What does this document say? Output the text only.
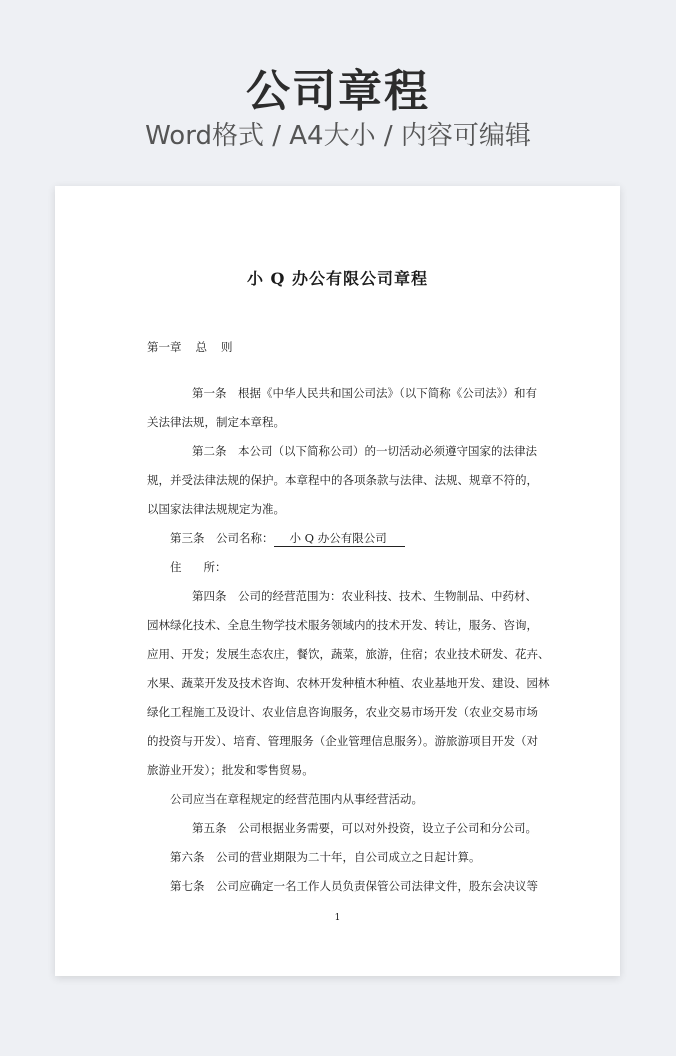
公司章程
Word格式 / A4大小 / 内容可编辑
小 Q 办公有限公司章程
第一章 总 则
第一条　根据《中华人民共和国公司法》（以下简称《公司法》）和有
关法律法规，制定本章程。
第二条　本公司（以下简称公司）的一切活动必须遵守国家的法律法
规，并受法律法规的保护。本章程中的各项条款与法律、法规、规章不符的，
以国家法律法规规定为准。
第三条　公司名称： 小 Q 办公有限公司
住 所：
第四条　公司的经营范围为：农业科技、技术、生物制品、中药材、
园林绿化技术、全息生物学技术服务领域内的技术开发、转让，服务、咨询，
应用、开发；发展生态农庄，餐饮，蔬菜，旅游，住宿；农业技术研发、花卉、
水果、蔬菜开发及技术咨询、农林开发种植木种植、农业基地开发、建设、园林
绿化工程施工及设计、农业信息咨询服务，农业交易市场开发（农业交易市场
的投资与开发）、培育、管理服务（企业管理信息服务）。游旅游项目开发（对
旅游业开发）；批发和零售贸易。
公司应当在章程规定的经营范围内从事经营活动。
第五条　公司根据业务需要，可以对外投资，设立子公司和分公司。
第六条　公司的营业期限为二十年，自公司成立之日起计算。
第七条　公司应确定一名工作人员负责保管公司法律文件，股东会决议等
1
